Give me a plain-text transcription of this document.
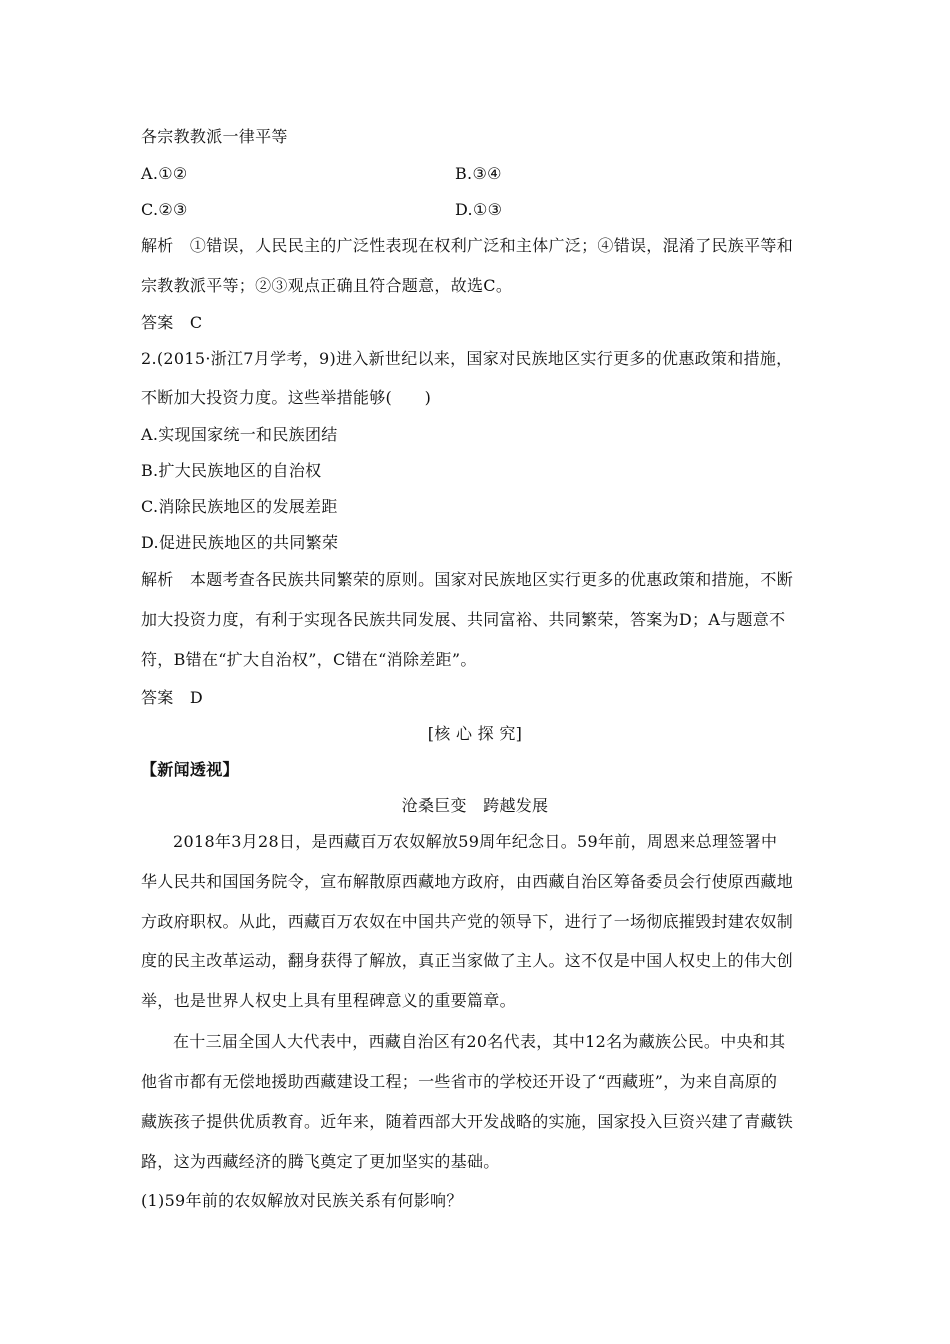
各宗教教派一律平等
A.①②	B.③④
C.②③	D.①③
解析　①错误，人民民主的广泛性表现在权利广泛和主体广泛；④错误，混淆了民族平等和
宗教教派平等；②③观点正确且符合题意，故选C。
答案　C
2.(2015·浙江7月学考，9)进入新世纪以来，国家对民族地区实行更多的优惠政策和措施，
不断加大投资力度。这些举措能够(　　)
A.实现国家统一和民族团结
B.扩大民族地区的自治权
C.消除民族地区的发展差距
D.促进民族地区的共同繁荣
解析　本题考查各民族共同繁荣的原则。国家对民族地区实行更多的优惠政策和措施，不断
加大投资力度，有利于实现各民族共同发展、共同富裕、共同繁荣，答案为D；A与题意不
符，B错在“扩大自治权”，C错在“消除差距”。
答案　D
[核 心 探 究]
【新闻透视】
沧桑巨变　跨越发展
2018年3月28日，是西藏百万农奴解放59周年纪念日。59年前，周恩来总理签署中
华人民共和国国务院令，宣布解散原西藏地方政府，由西藏自治区筹备委员会行使原西藏地
方政府职权。从此，西藏百万农奴在中国共产党的领导下，进行了一场彻底摧毁封建农奴制
度的民主改革运动，翻身获得了解放，真正当家做了主人。这不仅是中国人权史上的伟大创
举，也是世界人权史上具有里程碑意义的重要篇章。
在十三届全国人大代表中，西藏自治区有20名代表，其中12名为藏族公民。中央和其
他省市都有无偿地援助西藏建设工程；一些省市的学校还开设了“西藏班”，为来自高原的
藏族孩子提供优质教育。近年来，随着西部大开发战略的实施，国家投入巨资兴建了青藏铁
路，这为西藏经济的腾飞奠定了更加坚实的基础。
(1)59年前的农奴解放对民族关系有何影响？
